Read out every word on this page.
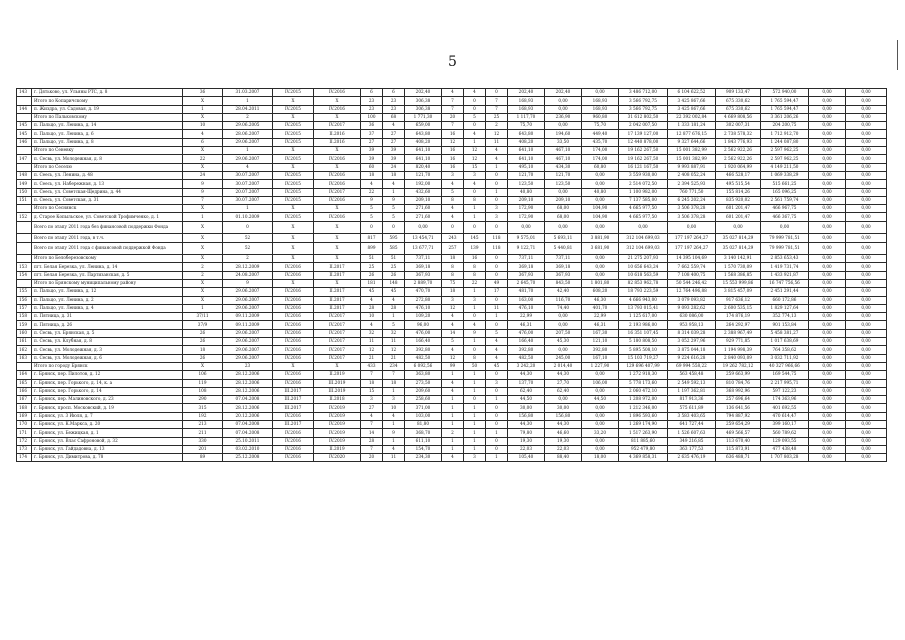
5
143	г. Дятьково, ул. Ульяны РТС, д. 8	36	31.03.2007	IV.2015	IV.2016	6	6	202,40	4	4	0	202,40	202,40	0,00	3 486 712,00	6 104 622,52	909 133,47	572 940,00	0,00	0,00
	Итого по Копаричскому	X	1	X	X	23	23	306,38	7	0	7	168,93	0,00	168,93	3 566 792,75	3 425 867,66	675 330,62	1 765 594,47	0,00	0,00
144	п. Жиздра, ул. Садовая, д. 19	1	28.04.2011	IV.2015	IV.2016	23	23	306,38	7	0	7	168,93	0,00	168,93	3 566 792,75	3 425 867,66	675 330,62	1 765 594,47	0,00	0,00
	Итого по Пальковскому	X	2	X	X	100	68	1 771,30	20	5	25	1 117,70	236,90	960,80	31 612 802,50	22 392 002,84	4 669 808,56	3 361 206,26	0,00	0,00
145	п. Пальцо, ул. Ленина, д. 14	10	29.06.2005	IV.2015	IV.2017	36	4	659,00	7	0	2	75,70	0,00	75,70	2 042 007,50	1 333 181,24	302 007,31	204 200,75	0,00	0,00
145	п. Пальцо, ул. Ленина, д. 6	4	28.06.2007	IV.2015	II.2016	37	27	643,80	16	4	12	643,80	194,60	449,40	17 139 127,00	12 877 676,15	2 738 578,32	1 712 912,70	0,00	0,00
146	п. Пальцо, ул. Ленина, д. 8	6	29.06.2007	IV.2015	II.2016	27	27	408,20	12	1	11	408,20	33,50	435,70	12 440 878,00	9 327 644,66	1 843 776,93	1 244 087,80	0,00	0,00
	Итого по Сеневку	X	1	X	X	39	39	641,10	16	12	4	641,10	467,10	174,00	19 162 267,50	15 001 382,99	2 562 922,26	2 597 962,25	0,00	0,00
147	п. Сесвь, ул. Молодежная, д. 8	22	29.06.2007	IV.2015	IV.2016	39	39	641,10	16	12	4	641,10	467,10	174,00	19 162 267,50	15 001 382,99	2 562 922,26	2 597 962,25	0,00	0,00
	Итого по Сеселю	X	4	X	X	60	24	820,40	16	15	1	495,10	434,30	60,80	16 121 167,50	9 993 887,91	1 920 064,99	4 149 211,50	0,00	0,00
148	п. Сеесь, ул. Ленина, д. 48	24	30.07.2007	IV.2015	IV.2016	18	18	121,70	3	3	0	121,70	121,70	0,00	3 559 930,00	2 408 052,24	466 528,17	1 069 338,29	0,00	0,00
149	п. Сеесь, ул. Набережная, д. 13	9	30.07.2007	IV.2015	IV.2016	4	4	192,00	4	4	0	123,50	123,50	0,00	2 514 072,50	2 394 525,93	495 515,54	515 661,25	0,00	0,00
150	п. Сеесь, ул. Советская-Щедрина, д. 44	9	20.07.2007	IV.2015	IV.2017	22	1	432,60	5	0	1	40,80	0,00	40,80	1 100 982,00	760 771,50	155 814,26	165 096,25	0,00	0,00
151	п. Сеесь, ул. Советская, д. 31	7	30.07.2007	IV.2015	IV.2016	9	9	209,10	8	8	0	209,10	209,10	0,00	7 137 585,00	6 245 202,24	835 920,02	2 561 759,74	0,00	0,00
	Итого по Сеснянск	X	1	X	X	5	5	271,60	4	1	3	172,90	68,00	104,90	4 665 977,50	3 506 378,28	601 201,47	466 967,75	0,00	0,00
152	д. Старое Копыльское, ул. Советской Трофимченко, д. 1	1	01.10.2009	IV.2015	IV.2016	5	5	271,60	4	1	3	172,90	68,00	104,90	4 665 977,50	3 506 378,28	601 201,47	466 367,75	0,00	0,00
	Всего по этапу 2011 года без финансовой поддержки Фонда	X	0	X	X	0	0	0,00	0	0	0	0,00	0,00	0,00	0,00	0,00	0,00	0,00	0,00	0,00
	Всего по этапу 2011 года, в т.ч.	X	52	X	X	817	595	13 454,71	243	145	118	9 575,01	5 693,11	3 881,90	312 104 699,03	177 197 264,27	35 027 814,29	79 999 781,51	0,00	0,00
	Всего по этапу 2011 года с финансовой поддержкой Фонда	X	52	X	X	899	585	13 677,71	257	139	118	9 122,71	5 440,81	3 681,90	312 104 699,03	177 197 264,27	35 027 814,29	79 999 781,51	0,00	0,00
	Итого по Белоберезовскому	X	2	X	X	51	51	737,11	18	16	0	737,11	737,11	0,00	21 275 207,93	14 395 104,69	3 140 142,91	2 853 653,43	0,00	0,00
153	пгт. Белая Березка, ул. Ленина, д. 14	2	28.12.2009	IV.2016	II.2017	25	25	369,18	8	8	0	369,18	369,18	0,00	10 656 643,24	7 662 559,74	1 570 730,09	1 419 731,74	0,00	0,00
154	пгт. Белая Березка, ул. Партизанская, д. 5	2	24.08.2007	IV.2016	II.2017	26	26	367,93	8	8	0	367,93	367,93	0,00	10 618 563,59	7 108 400,75	1 568 386,85	1 433 921,87	0,00	0,00
	Итого по Брянскому муниципальному району	X	9	X	X	181	148	2 889,70	75	22	49	2 645,70	843,50	1 801,80	82 853 962,78	50 544 246,42	15 553 999,86	16 747 756,56	0,00	0,00
155	п. Пальцо, ул. Ленина, д. 12	X	29.06.2007	IV.2016	II.2017	45	45	470,70	18	1	17	481,70	42,40	608,20	18 793 223,59	12 764 496,88	3 815 457,09	2 451 291,44	0,00	0,00
156	п. Пальцо, ул. Ленина, д. 2	X	29.06.2007	IV.2016	II.2017	4	4	272,80	3	3	0	163,00	116,70	46,30	4 666 943,00	3 079 093,82	917 636,12	660 172,86	0,00	0,00
157	п. Пальцо, ул. Ленина, д. 4	1	29.06.2007	IV.2016	II.2017	28	28	476,10	12	1	11	476,10	74,40	401,70	13 793 015,41	9 093 282,62	2 600 535,15	1 829 127,64	0,00	0,00
158	п. Пятница, д. 31	37/11	09.11.2009	IV.2016	IV.2017	10	1	109,20	4	0	1	22,99	0,00	22,99	1 125 617,00	630 086,00	174 876,19	352 774,13	0,00	0,00
159	п. Пятница, д. 26	37/9	09.11.2009	IV.2016	IV.2017	4	5	96,00	4	4	0	46,31	0,00	46,31	2 193 986,00	953 958,13	264 292,97	901 153,84	0,00	0,00
160	п. Сесвь, ул. Брянская, д. 5	26	29.06.2007	IV.2016	IV.2017	32	32	476,00	14	9	5	476,00	207,50	167,30	16 351 107,45	8 314 039,28	2 388 967,49	5 458 381,27	0,00	0,00
161	п. Сесвь, ул. Клубная, д. 8	26	29.06.2007	IV.2016	IV.2017	11	11	166,40	5	1	4	166,40	45,30	121,10	5 180 808,50	3 052 297,96	929 771,85	1 017 638,69	0,00	0,00
162	п. Сесвь, ул. Молодежная, д. 3	18	29.06.2007	IV.2016	IV.2017	12	12	392,80	4	0	4	392,80	0,00	392,80	5 895 508,10	3 875 044,18	1 194 998,39	764 358,62	0,00	0,00
163	п. Сесвь, ул. Молодежная, д. 6	26	29.06.2007	IV.2016	IV.2017	21	21	482,50	12	8	4	482,50	245,00	167,10	15 103 719,27	9 224 616,28	2 840 093,09	3 032 711,92	0,00	0,00
	Итого по городу Брянск	X	23	X	X	433	234	6 092,56	99	50	45	3 242,20	2 014,40	1 227,90	129 696 407,99	69 994 558,22	19 262 782,12	40 327 966,66	0,00	0,00
164	г. Брянск, пер. Пилотов, д. 12	106	28.12.2006	IV.2016	II.2019	7	7	363,80	1	1	0	44,30	44,30	0,00	1 272 918,30	563 458,48	259 663,99	169 544,75	0,00	0,00
165	г. Брянск, пер. Горького, д. 14, к. а	119	28.12.2006	IV.2016	III.2019	18	18	273,50	4	1	3	137,70	27,70	106,00	5 778 173,60	2 549 592,13	810 784,76	2 217 995,71	0,00	0,00
166	г. Брянск, пер. Горького, д. 14	108	28.12.2006	III.2017	III.2019	15	1	209,60	4	1	0	62,40	62,40	0,00	2 060 472,10	1 197 362,81	368 992,96	597 122,23	0,00	0,00
167	г. Брянск, пер. Малиновского, д. 23	290	07.04.2008	III.2017	II.2018	3	3	258,60	1	0	1	44,50	0,00	44,50	1 208 972,00	817 913,36	257 696,64	174 363,96	0,00	0,00
168	г. Брянск, просп. Московский, д. 19	315	28.12.2006	III.2017	IV.2019	27	10	371,00	1	1	0	30,00	30,00	0,00	1 212 346,00	575 611,89	136 641,56	401 692,55	0,00	0,00
169	г. Брянск, ул. 3 Июля, д. 7	192	20.12.2006	IV.2016	IV.2019	4	4	103,00	1	1	0	156,80	156,80	0,00	1 896 593,60	3 583 403,65	794 887,92	470 614,47	0,00	0,00
170	г. Брянск, ул. К.Маркса, д. 20	213	07.04.2008	III.2017	IV.2019	7	1	81,80	1	1	0	44,30	44,30	0,00	1 269 174,90	641 727,44	259 654,29	399 160,17	0,00	0,00
171	г. Брянск, ул. Бежицкая, д. 1	211	07.04.2008	IV.2016	IV.2019	14	9	368,70	2	1	1	79,80	46,60	33,20	1 517 263,90	1 526 607,63	469 566,57	560 789,62	0,00	0,00
172	г. Брянск, ул. Влас Сафроновой, д. 32	330	25.10.2011	IV.2016	IV.2019	28	1	611,10	1	1	0	19,30	19,30	0,00	811 885,60	349 216,85	113 670,40	129 093,55	0,00	0,00
173	г. Брянск, ул. Гайдадовна, д. 13	201	03.02.2010	IV.2016	II.2019	7	4	154,70	1	1	0	22,03	22,03	0,00	952 479,80	363 177,53	115 873,91	477 438,48	0,00	0,00
174	г. Брянск, ул. Димитрова, д. 78	89	25.12.2008	IV.2016	IV.2020	20	11	234,30	4	3	1	105,40	88,40	18,00	4 369 858,31	2 635 476,19	636 488,71	1 707 803,28	0,00	0,00
